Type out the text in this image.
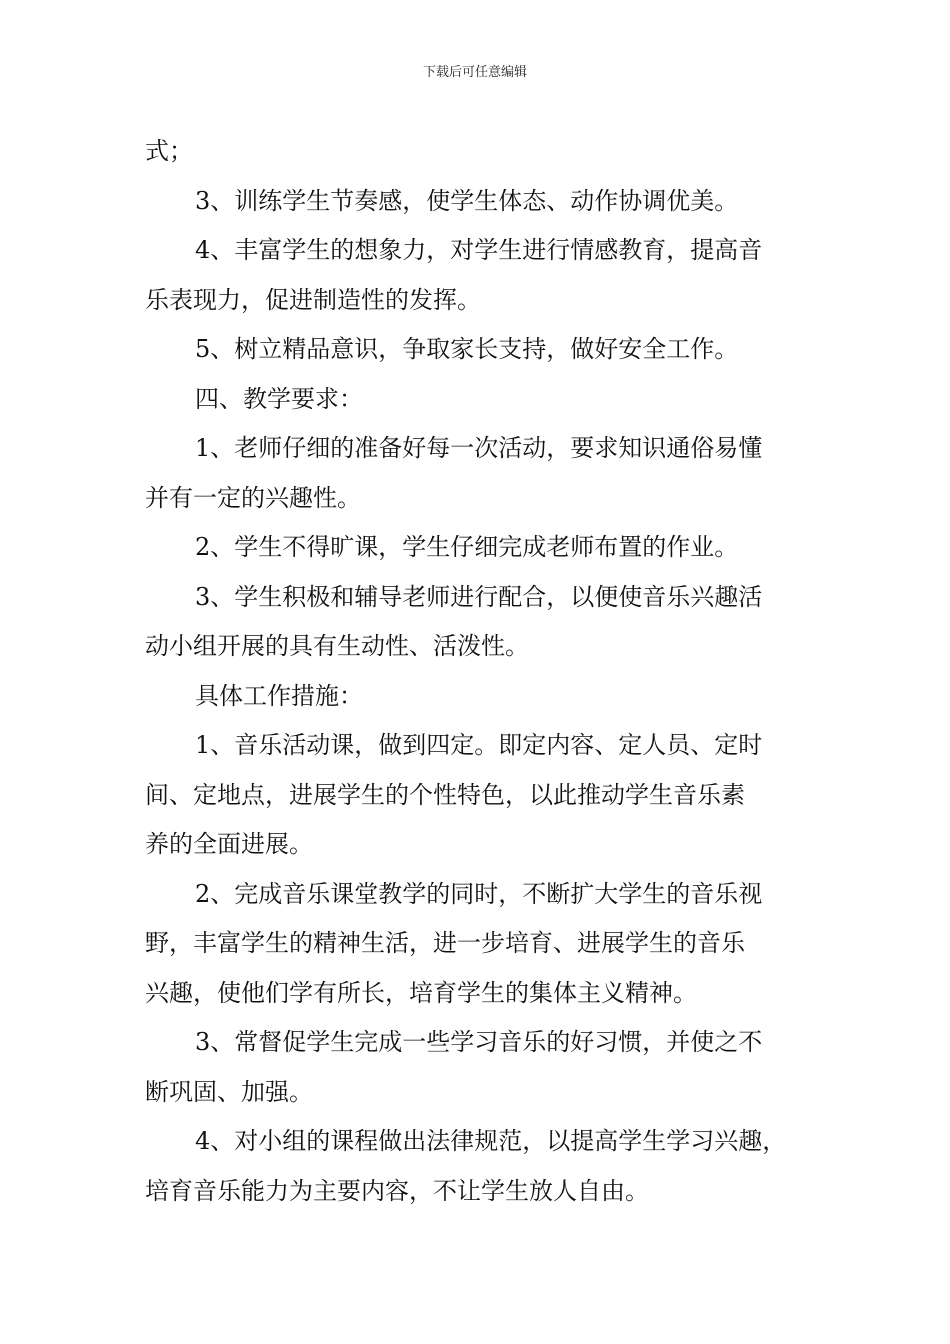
下载后可任意编辑
式；
3、训练学生节奏感，使学生体态、动作协调优美。
4、丰富学生的想象力，对学生进行情感教育，提高音
乐表现力，促进制造性的发挥。
5、树立精品意识，争取家长支持，做好安全工作。
四、教学要求：
1、老师仔细的准备好每一次活动，要求知识通俗易懂
并有一定的兴趣性。
2、学生不得旷课，学生仔细完成老师布置的作业。
3、学生积极和辅导老师进行配合，以便使音乐兴趣活
动小组开展的具有生动性、活泼性。
具体工作措施：
1、音乐活动课，做到四定。即定内容、定人员、定时
间、定地点，进展学生的个性特色，以此推动学生音乐素
养的全面进展。
2、完成音乐课堂教学的同时，不断扩大学生的音乐视
野，丰富学生的精神生活，进一步培育、进展学生的音乐
兴趣，使他们学有所长，培育学生的集体主义精神。
3、常督促学生完成一些学习音乐的好习惯，并使之不
断巩固、加强。
4、对小组的课程做出法律规范，以提高学生学习兴趣，
培育音乐能力为主要内容，不让学生放人自由。
